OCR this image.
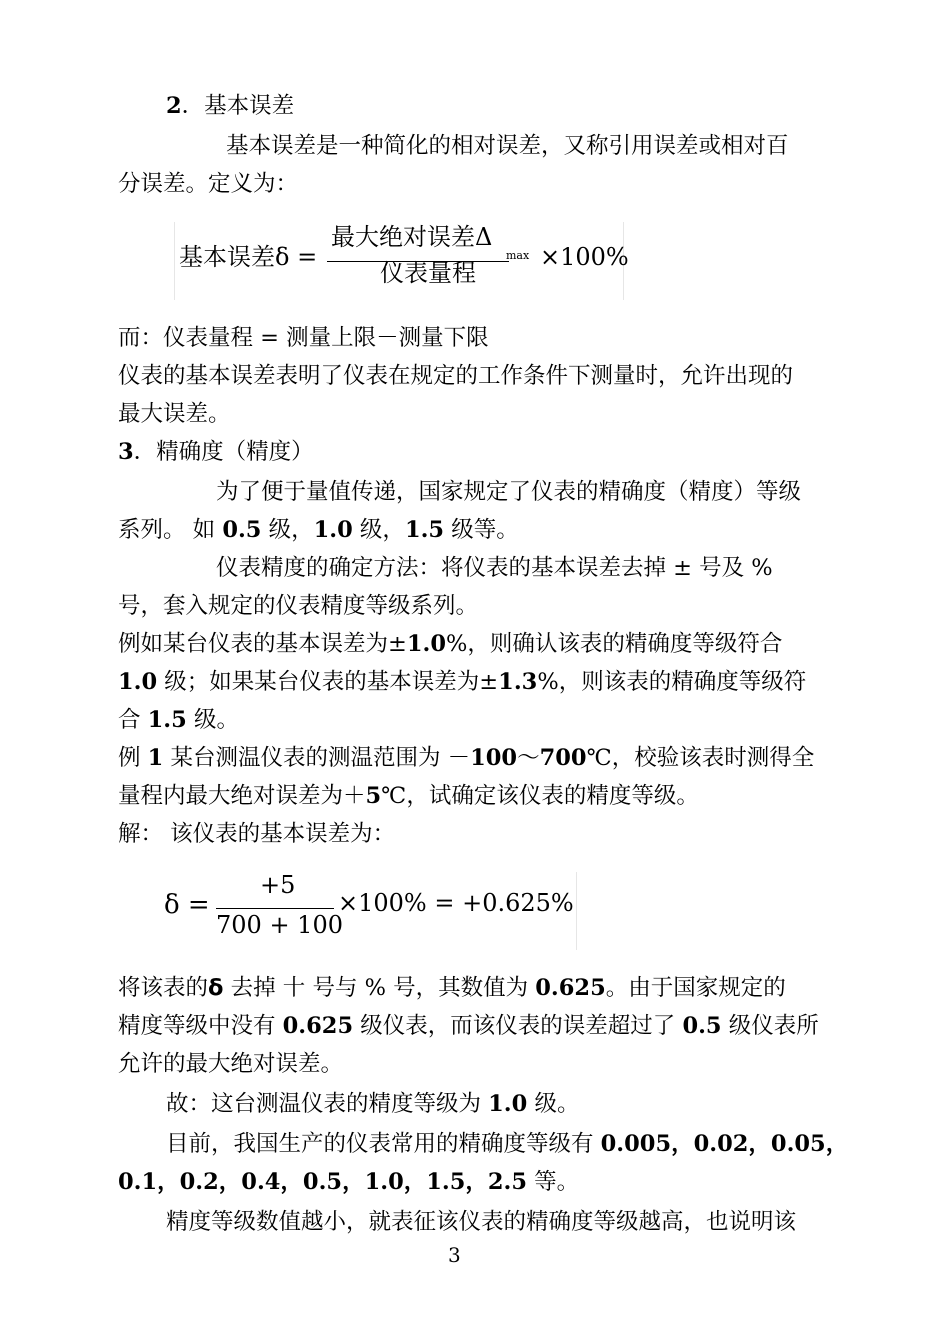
2．基本误差
基本误差是一种简化的相对误差，又称引用误差或相对百
分误差。定义为：
基本误差δ =
最大绝对误差Δ
仪表量程
max ×100%
而：仪表量程 = 测量上限－测量下限
仪表的基本误差表明了仪表在规定的工作条件下测量时，允许出现的
最大误差。
3．精确度（精度）
为了便于量值传递，国家规定了仪表的精确度（精度）等级
系列。 如 0.5 级，1.0 级，1.5 级等。
仪表精度的确定方法：将仪表的基本误差去掉 ± 号及 %
号，套入规定的仪表精度等级系列。
例如某台仪表的基本误差为±1.0%，则确认该表的精确度等级符合
1.0 级；如果某台仪表的基本误差为±1.3%，则该表的精确度等级符
合 1.5 级。
例 1 某台测温仪表的测温范围为 －100～700℃，校验该表时测得全
量程内最大绝对误差为＋5℃，试确定该仪表的精度等级。
解： 该仪表的基本误差为：
δ =
+5
700 + 100
×100% = +0.625%
将该表的δ 去掉 十 号与 % 号，其数值为 0.625。由于国家规定的
精度等级中没有 0.625 级仪表，而该仪表的误差超过了 0.5 级仪表所
允许的最大绝对误差。
故：这台测温仪表的精度等级为 1.0 级。
目前，我国生产的仪表常用的精确度等级有 0.005，0.02，0.05，
0.1，0.2，0.4，0.5，1.0，1.5，2.5 等。
精度等级数值越小，就表征该仪表的精确度等级越高，也说明该
3
